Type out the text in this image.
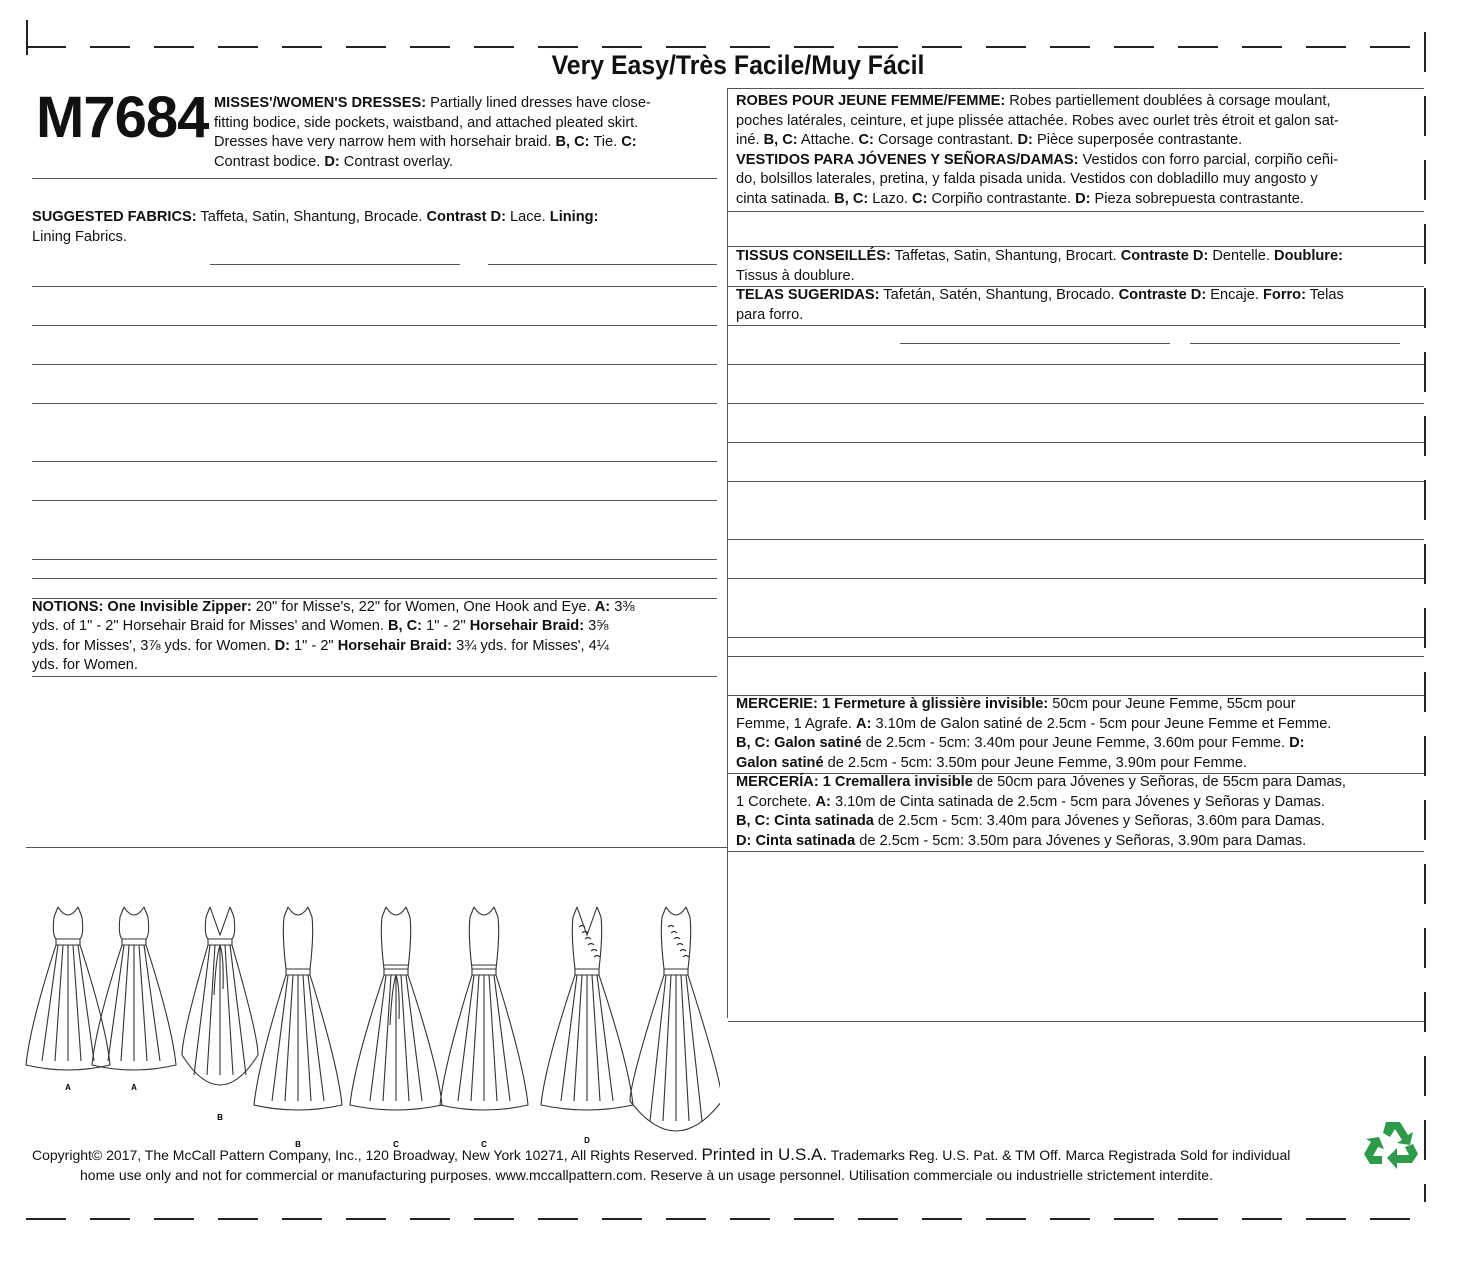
Very Easy/Très Facile/Muy Fácil
M7684 MISSES'/WOMEN'S DRESSES: Partially lined dresses have close-
fitting bodice, side pockets, waistband, and attached pleated skirt.
Dresses have very narrow hem with horsehair braid. B, C: Tie. C:
Contrast bodice. D: Contrast overlay.
SUGGESTED FABRICS: Taffeta, Satin, Shantung, Brocade. Contrast D: Lace. Lining:
Lining Fabrics.
NOTIONS: One Invisible Zipper: 20" for Misse's, 22" for Women, One Hook and Eye. A: 3⅜
yds. of 1" - 2" Horsehair Braid for Misses' and Women. B, C: 1" - 2" Horsehair Braid: 3⅝
yds. for Misses', 3⅞ yds. for Women. D: 1" - 2" Horsehair Braid: 3¾ yds. for Misses', 4¼
yds. for Women.
ROBES POUR JEUNE FEMME/FEMME: Robes partiellement doublées à corsage moulant,
poches latérales, ceinture, et jupe plissée attachée. Robes avec ourlet très étroit et galon sat-
iné. B, C: Attache. C: Corsage contrastant. D: Pièce superposée contrastante.
VESTIDOS PARA JÓVENES Y SEÑORAS/DAMAS: Vestidos con forro parcial, corpiño ceñi-
do, bolsillos laterales, pretina, y falda pisada unida. Vestidos con dobladillo muy angosto y
cinta satinada. B, C: Lazo. C: Corpiño contrastante. D: Pieza sobrepuesta contrastante.
TISSUS CONSEILLÉS: Taffetas, Satin, Shantung, Brocart. Contraste D: Dentelle. Doublure:
Tissus à doublure.
TELAS SUGERIDAS: Tafetán, Satén, Shantung, Brocado. Contraste D: Encaje. Forro: Telas
para forro.
MERCERIE: 1 Fermeture à glissière invisible: 50cm pour Jeune Femme, 55cm pour
Femme, 1 Agrafe. A: 3.10m de Galon satiné de 2.5cm - 5cm pour Jeune Femme et Femme.
B, C: Galon satiné de 2.5cm - 5cm: 3.40m pour Jeune Femme, 3.60m pour Femme. D:
Galon satiné de 2.5cm - 5cm: 3.50m pour Jeune Femme, 3.90m pour Femme.
MERCERÍA: 1 Cremallera invisible de 50cm para Jóvenes y Señoras, de 55cm para Damas,
1 Corchete. A: 3.10m de Cinta satinada de 2.5cm - 5cm para Jóvenes y Señoras y Damas.
B, C: Cinta satinada de 2.5cm - 5cm: 3.40m para Jóvenes y Señoras, 3.60m para Damas.
D: Cinta satinada de 2.5cm - 5cm: 3.50m para Jóvenes y Señoras, 3.90m para Damas.
A	A
B
B	C	C	D
Copyright© 2017, The McCall Pattern Company, Inc., 120 Broadway, New York 10271, All Rights Reserved. Printed in U.S.A. Trademarks Reg. U.S. Pat. & TM Off. Marca Registrada Sold for individual
home use only and not for commercial or manufacturing purposes. www.mccallpattern.com. Reserve à un usage personnel. Utilisation commerciale ou industrielle strictement interdite.
